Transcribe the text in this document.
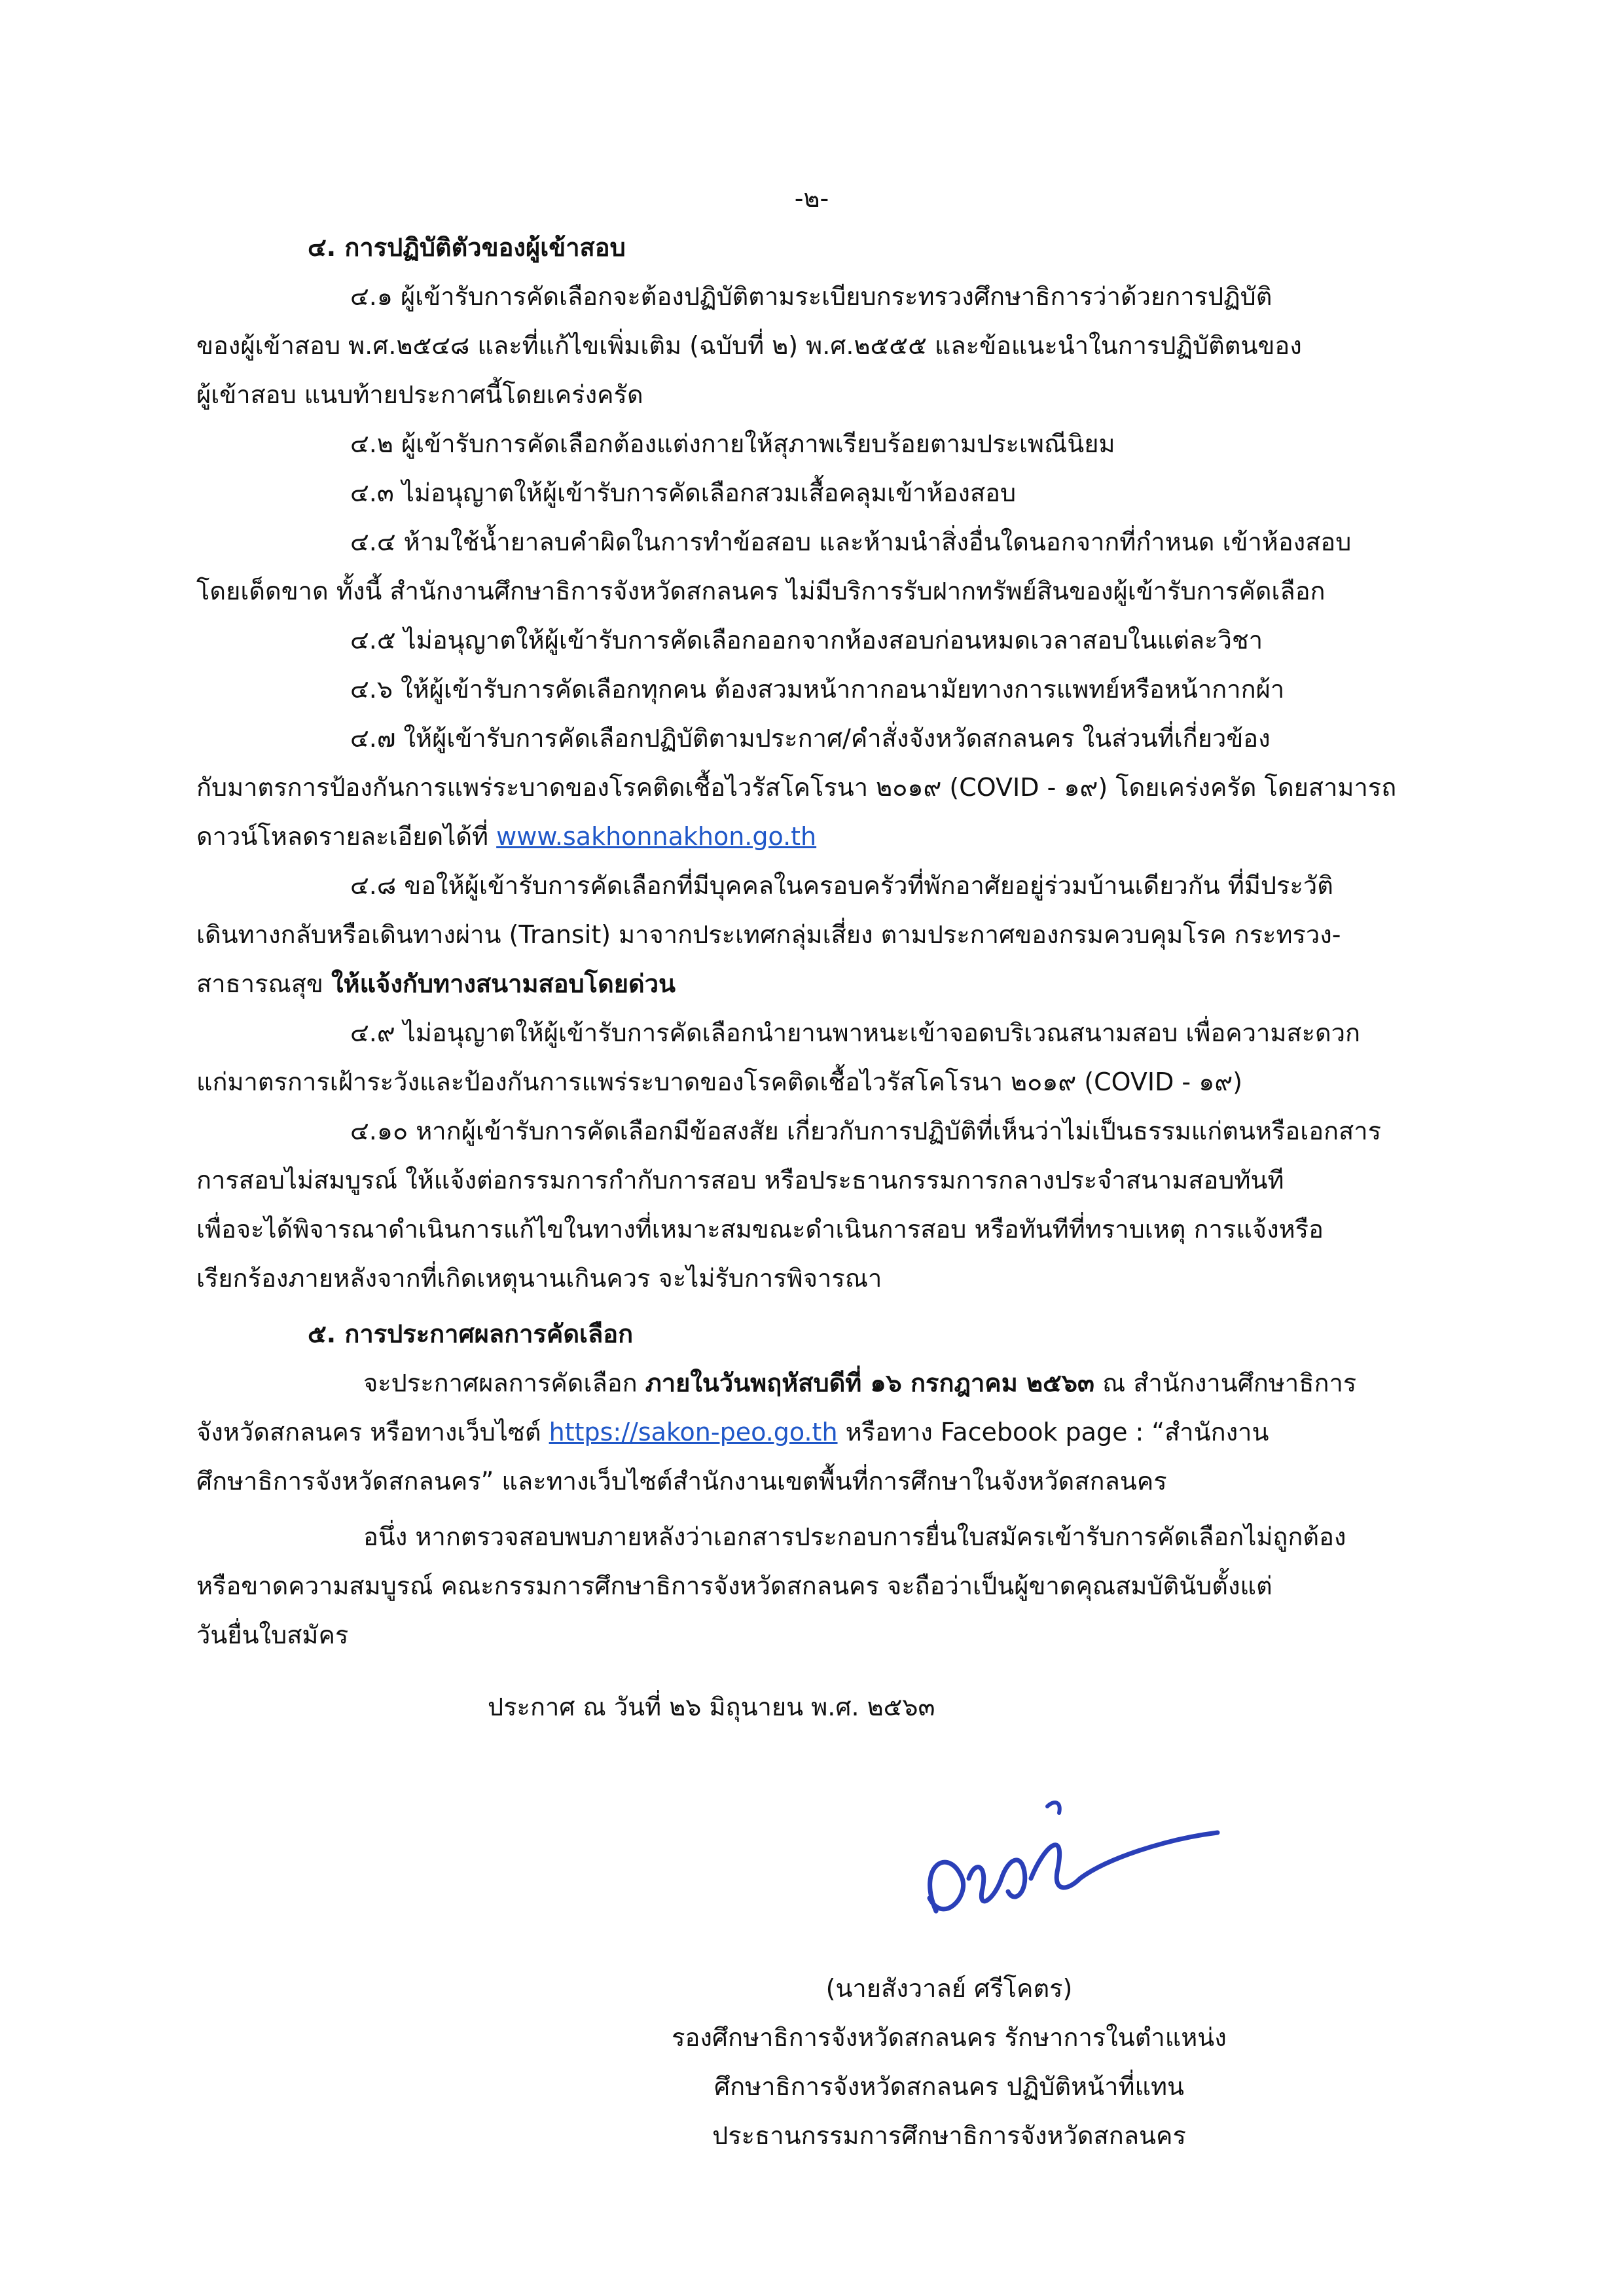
-๒-
๔. การปฏิบัติตัวของผู้เข้าสอบ
๔.๑ ผู้เข้ารับการคัดเลือกจะต้องปฏิบัติตามระเบียบกระทรวงศึกษาธิการว่าด้วยการปฏิบัติ
ของผู้เข้าสอบ พ.ศ.๒๕๔๘ และที่แก้ไขเพิ่มเติม (ฉบับที่ ๒) พ.ศ.๒๕๕๕ และข้อแนะนำในการปฏิบัติตนของ
ผู้เข้าสอบ แนบท้ายประกาศนี้โดยเคร่งครัด
๔.๒ ผู้เข้ารับการคัดเลือกต้องแต่งกายให้สุภาพเรียบร้อยตามประเพณีนิยม
๔.๓ ไม่อนุญาตให้ผู้เข้ารับการคัดเลือกสวมเสื้อคลุมเข้าห้องสอบ
๔.๔ ห้ามใช้น้ำยาลบคำผิดในการทำข้อสอบ และห้ามนำสิ่งอื่นใดนอกจากที่กำหนด เข้าห้องสอบ
โดยเด็ดขาด ทั้งนี้ สำนักงานศึกษาธิการจังหวัดสกลนคร ไม่มีบริการรับฝากทรัพย์สินของผู้เข้ารับการคัดเลือก
๔.๕ ไม่อนุญาตให้ผู้เข้ารับการคัดเลือกออกจากห้องสอบก่อนหมดเวลาสอบในแต่ละวิชา
๔.๖ ให้ผู้เข้ารับการคัดเลือกทุกคน ต้องสวมหน้ากากอนามัยทางการแพทย์หรือหน้ากากผ้า
๔.๗ ให้ผู้เข้ารับการคัดเลือกปฏิบัติตามประกาศ/คำสั่งจังหวัดสกลนคร ในส่วนที่เกี่ยวข้อง
กับมาตรการป้องกันการแพร่ระบาดของโรคติดเชื้อไวรัสโคโรนา ๒๐๑๙ (COVID - ๑๙) โดยเคร่งครัด โดยสามารถ
ดาวน์โหลดรายละเอียดได้ที่ www.sakhonnakhon.go.th
๔.๘ ขอให้ผู้เข้ารับการคัดเลือกที่มีบุคคลในครอบครัวที่พักอาศัยอยู่ร่วมบ้านเดียวกัน ที่มีประวัติ
เดินทางกลับหรือเดินทางผ่าน (Transit) มาจากประเทศกลุ่มเสี่ยง ตามประกาศของกรมควบคุมโรค กระทรวง-
สาธารณสุข ให้แจ้งกับทางสนามสอบโดยด่วน
๔.๙ ไม่อนุญาตให้ผู้เข้ารับการคัดเลือกนำยานพาหนะเข้าจอดบริเวณสนามสอบ เพื่อความสะดวก
แก่มาตรการเฝ้าระวังและป้องกันการแพร่ระบาดของโรคติดเชื้อไวรัสโคโรนา ๒๐๑๙ (COVID - ๑๙)
๔.๑๐ หากผู้เข้ารับการคัดเลือกมีข้อสงสัย เกี่ยวกับการปฏิบัติที่เห็นว่าไม่เป็นธรรมแก่ตนหรือเอกสาร
การสอบไม่สมบูรณ์ ให้แจ้งต่อกรรมการกำกับการสอบ หรือประธานกรรมการกลางประจำสนามสอบทันที
เพื่อจะได้พิจารณาดำเนินการแก้ไขในทางที่เหมาะสมขณะดำเนินการสอบ หรือทันทีที่ทราบเหตุ การแจ้งหรือ
เรียกร้องภายหลังจากที่เกิดเหตุนานเกินควร จะไม่รับการพิจารณา
๕. การประกาศผลการคัดเลือก
จะประกาศผลการคัดเลือก ภายในวันพฤหัสบดีที่ ๑๖ กรกฎาคม ๒๕๖๓ ณ สำนักงานศึกษาธิการ
จังหวัดสกลนคร หรือทางเว็บไซต์ https://sakon-peo.go.th หรือทาง Facebook page : “สำนักงาน
ศึกษาธิการจังหวัดสกลนคร” และทางเว็บไซต์สำนักงานเขตพื้นที่การศึกษาในจังหวัดสกลนคร
อนึ่ง หากตรวจสอบพบภายหลังว่าเอกสารประกอบการยื่นใบสมัครเข้ารับการคัดเลือกไม่ถูกต้อง
หรือขาดความสมบูรณ์ คณะกรรมการศึกษาธิการจังหวัดสกลนคร จะถือว่าเป็นผู้ขาดคุณสมบัตินับตั้งแต่
วันยื่นใบสมัคร
ประกาศ ณ วันที่ ๒๖ มิถุนายน พ.ศ. ๒๕๖๓
(นายสังวาลย์ ศรีโคตร)
รองศึกษาธิการจังหวัดสกลนคร รักษาการในตำแหน่ง
ศึกษาธิการจังหวัดสกลนคร ปฏิบัติหน้าที่แทน
ประธานกรรมการศึกษาธิการจังหวัดสกลนคร
